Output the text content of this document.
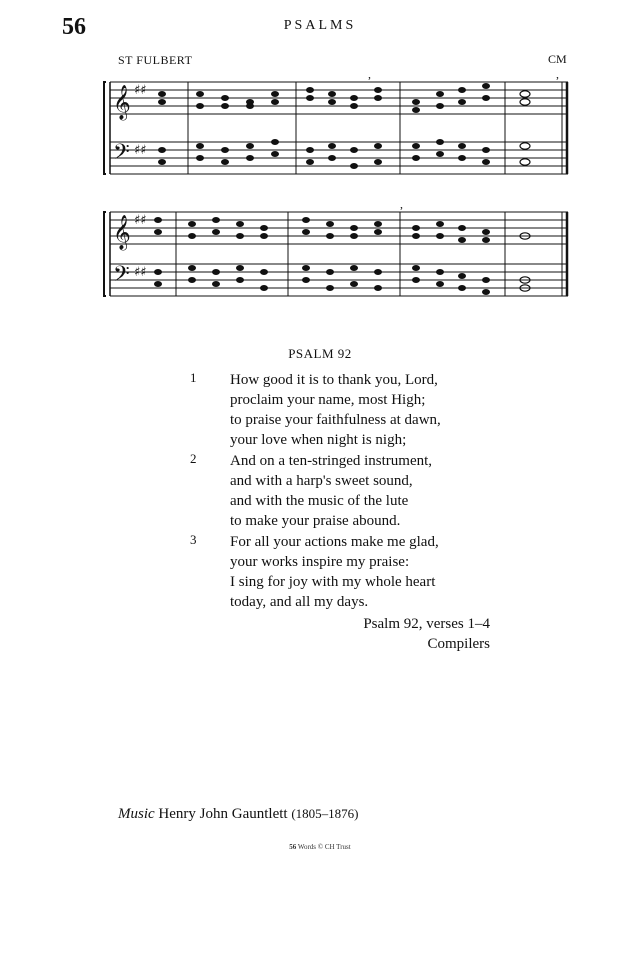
56	PSALMS
ST FULBERT	CM
𝄞
𝄢
♯♯
♯♯
,	,
𝄞
𝄢
♯♯
♯♯
,
PSALM 92
1 How good it is to thank you, Lord,
proclaim your name, most High;
to praise your faithfulness at dawn,
your love when night is nigh;
2 And on a ten-stringed instrument,
and with a harp's sweet sound,
and with the music of the lute
to make your praise abound.
3 For all your actions make me glad,
your works inspire my praise:
I sing for joy with my whole heart
today, and all my days.
Psalm 92, verses 1–4
Compilers
Music Henry John Gauntlett (1805–1876)
56 Words © CH Trust
